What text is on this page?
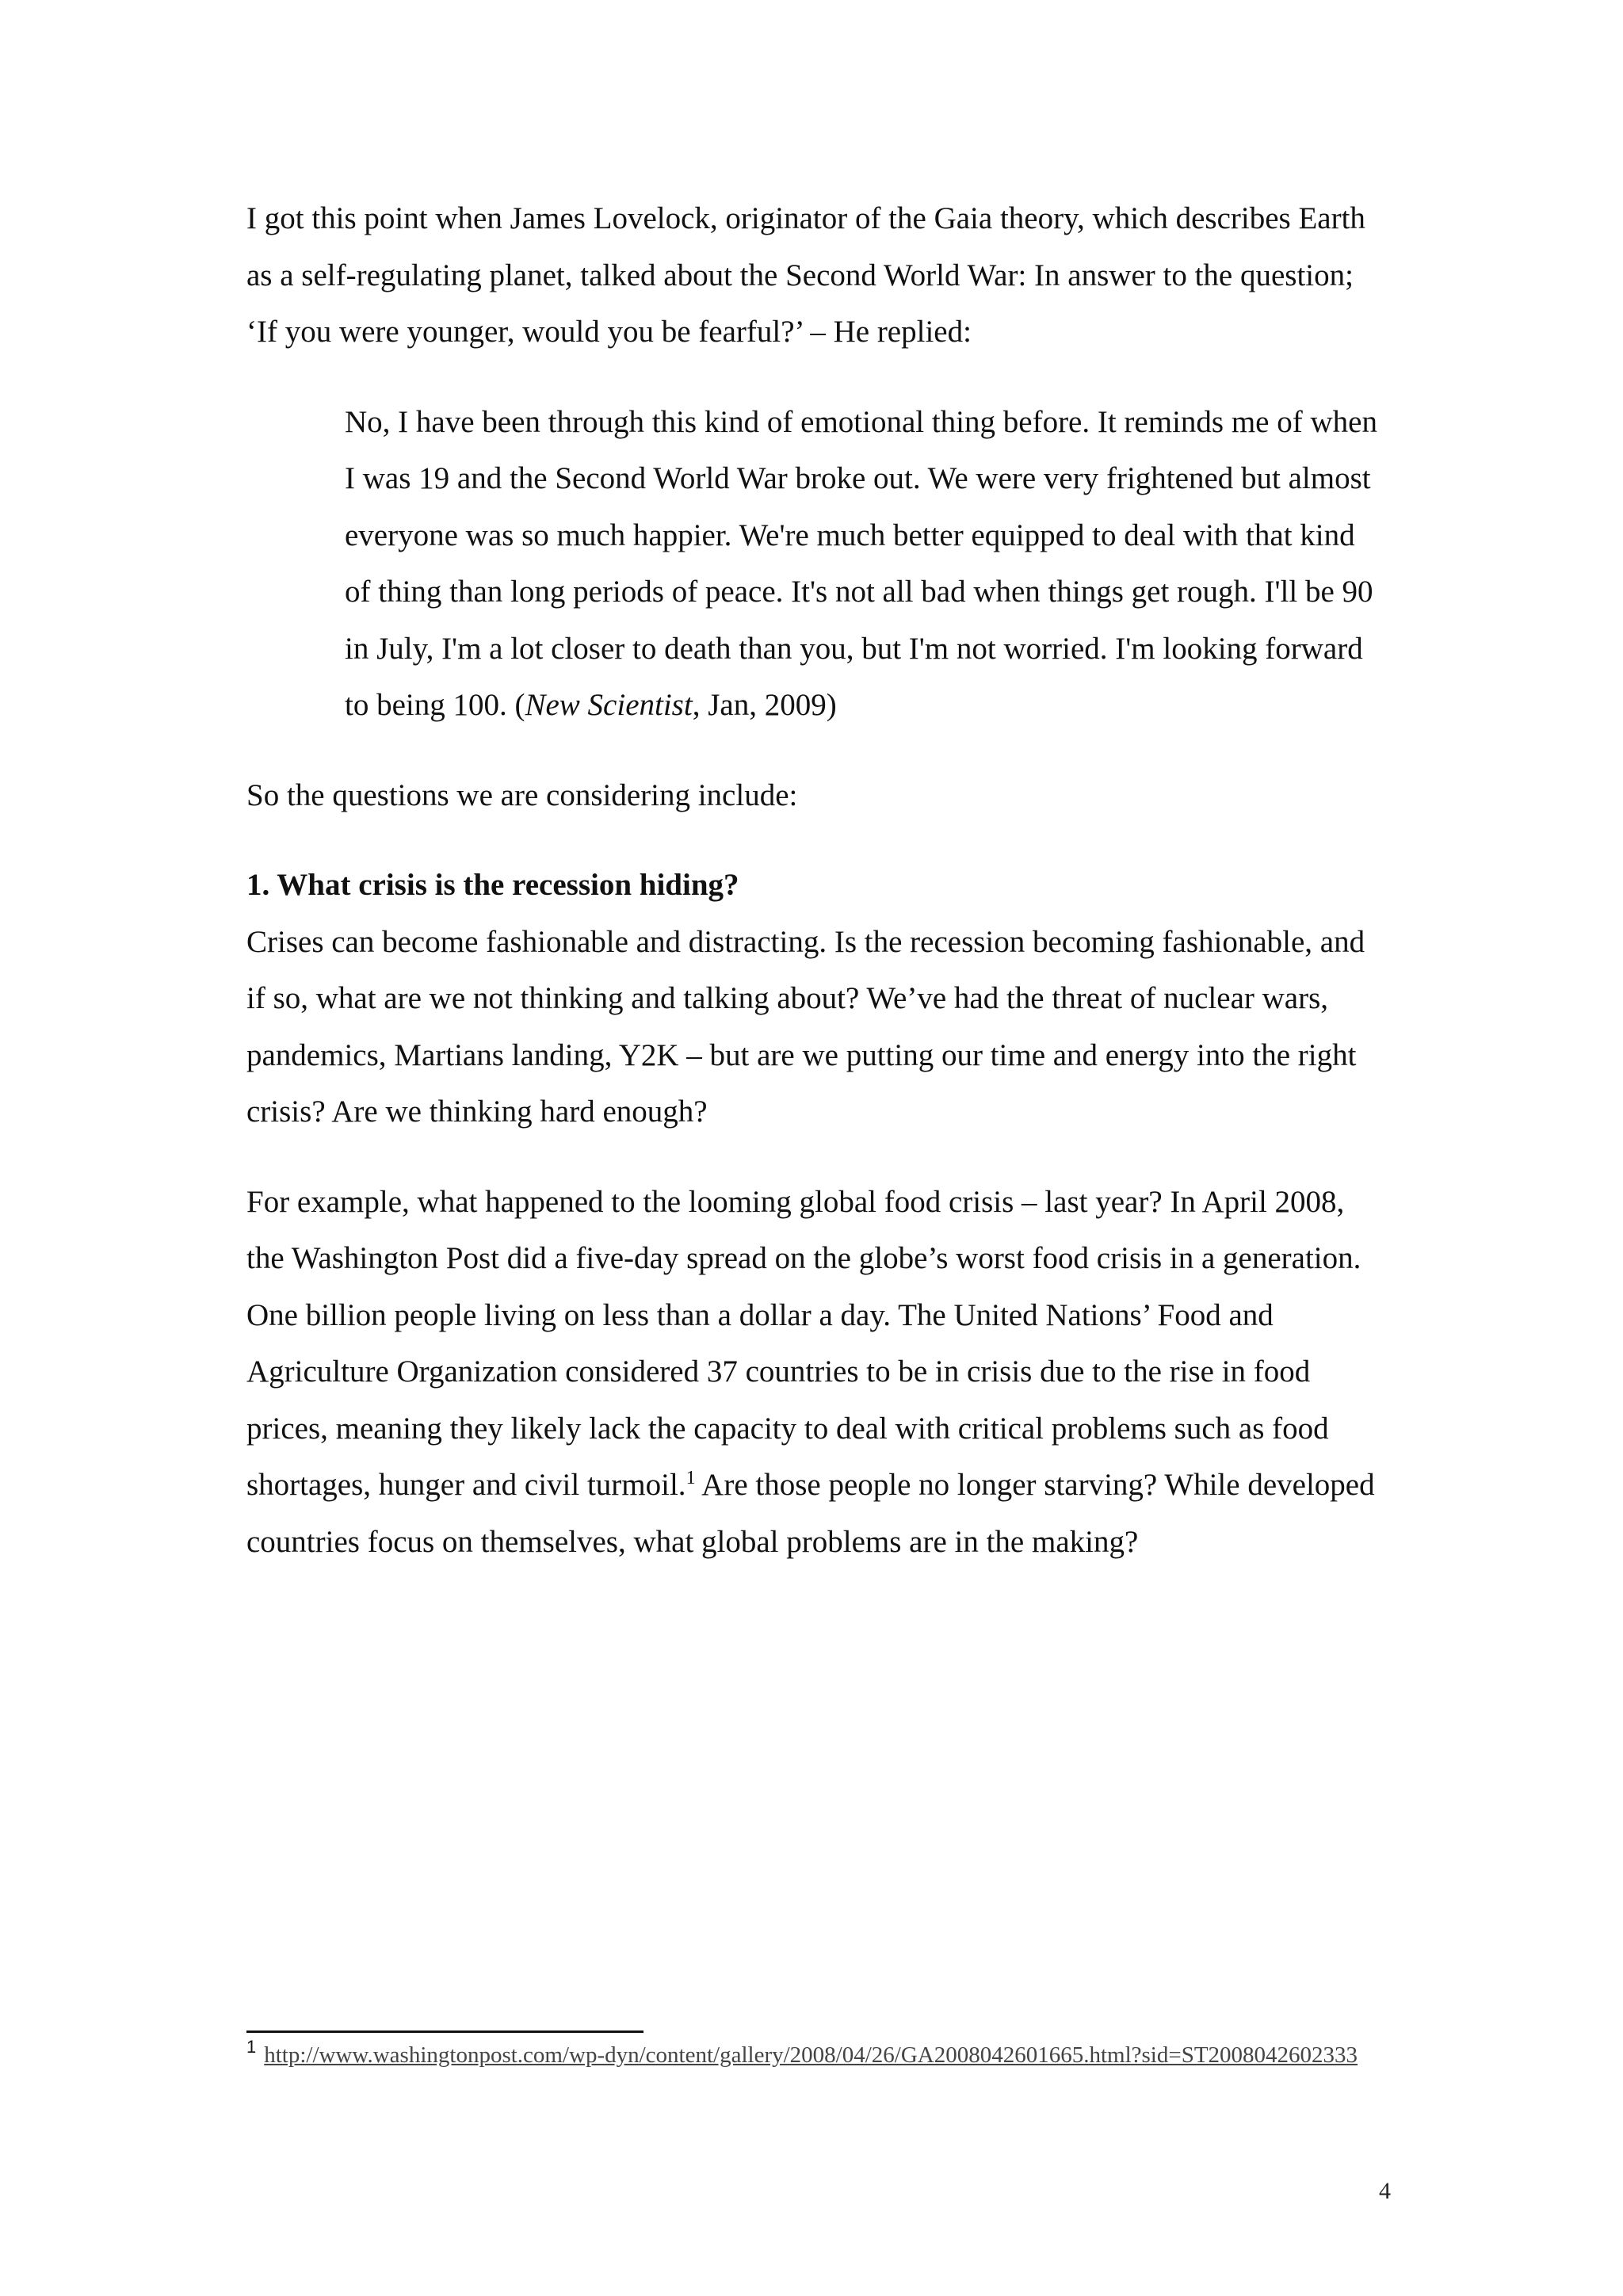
I got this point when James Lovelock, originator of the Gaia theory, which describes Earth as a self-regulating planet, talked about the Second World War: In answer to the question; ‘If you were younger, would you be fearful?’ – He replied:

No, I have been through this kind of emotional thing before. It reminds me of when I was 19 and the Second World War broke out. We were very frightened but almost everyone was so much happier. We're much better equipped to deal with that kind of thing than long periods of peace. It's not all bad when things get rough. I'll be 90 in July, I'm a lot closer to death than you, but I'm not worried. I'm looking forward to being 100. (New Scientist, Jan, 2009)

So the questions we are considering include:

1. What crisis is the recession hiding?

Crises can become fashionable and distracting. Is the recession becoming fashionable, and if so, what are we not thinking and talking about? We’ve had the threat of nuclear wars, pandemics, Martians landing, Y2K – but are we putting our time and energy into the right crisis? Are we thinking hard enough?

For example, what happened to the looming global food crisis – last year? In April 2008, the Washington Post did a five-day spread on the globe’s worst food crisis in a generation. One billion people living on less than a dollar a day. The United Nations’ Food and Agriculture Organization considered 37 countries to be in crisis due to the rise in food prices, meaning they likely lack the capacity to deal with critical problems such as food shortages, hunger and civil turmoil.$^1$ Are those people no longer starving? While developed countries focus on themselves, what global problems are in the making?

$^1$ http://www.washingtonpost.com/wp-dyn/content/gallery/2008/04/26/GA2008042601665.html?sid=ST2008042602333
4
